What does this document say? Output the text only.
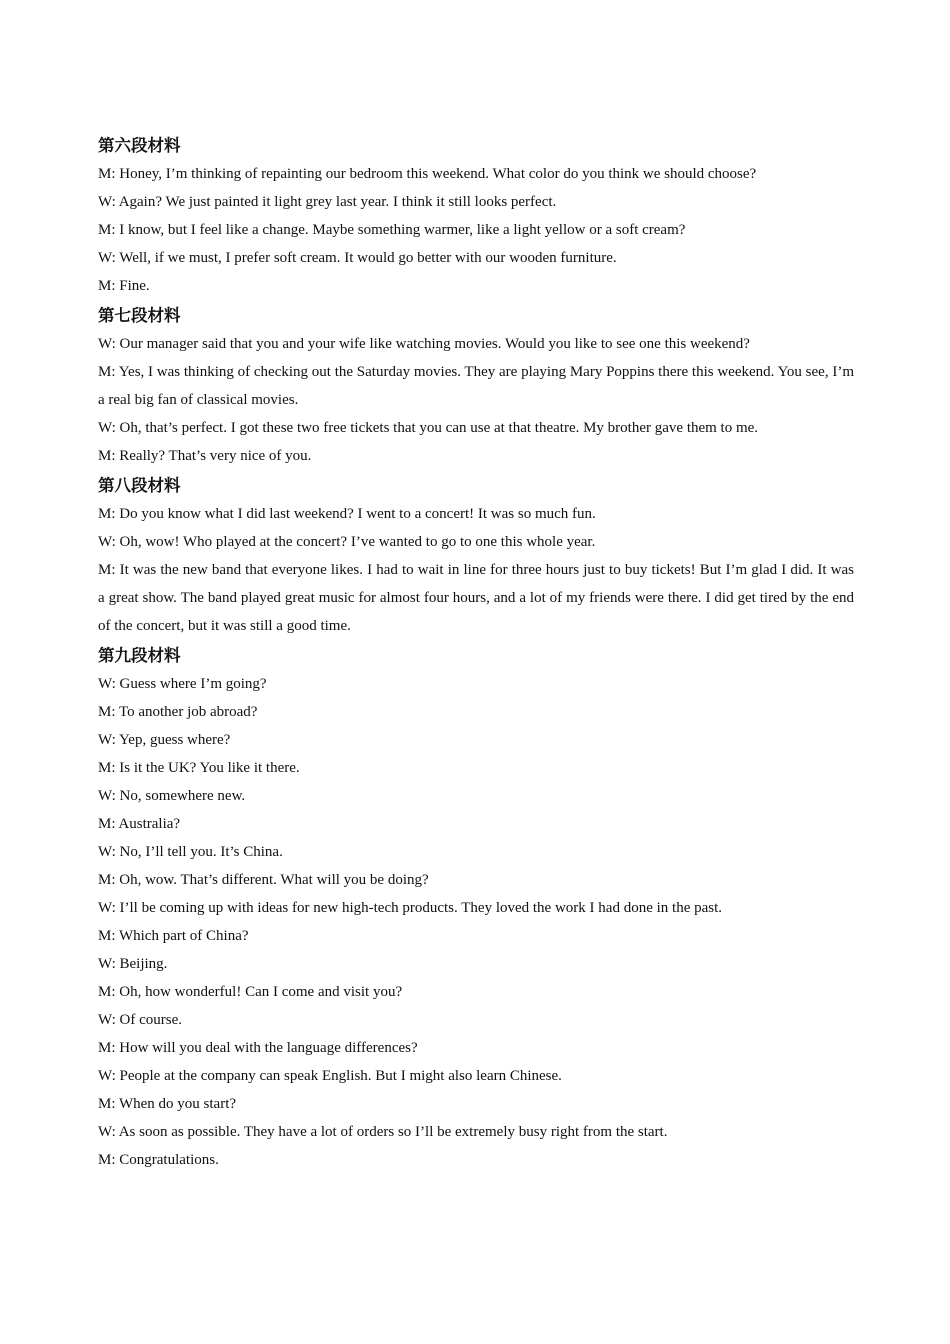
第六段材料

M: Honey, I’m thinking of repainting our bedroom this weekend. What color do you think we should choose?

W: Again? We just painted it light grey last year. I think it still looks perfect.

M: I know, but I feel like a change. Maybe something warmer, like a light yellow or a soft cream?

W: Well, if we must, I prefer soft cream. It would go better with our wooden furniture.

M: Fine.

第七段材料

W: Our manager said that you and your wife like watching movies. Would you like to see one this weekend?

M: Yes, I was thinking of checking out the Saturday movies. They are playing Mary Poppins there this weekend. You see, I’m a real big fan of classical movies.

W: Oh, that’s perfect. I got these two free tickets that you can use at that theatre. My brother gave them to me.

M: Really? That’s very nice of you.

第八段材料

M: Do you know what I did last weekend? I went to a concert! It was so much fun.

W: Oh, wow! Who played at the concert? I’ve wanted to go to one this whole year.

M: It was the new band that everyone likes. I had to wait in line for three hours just to buy tickets! But I’m glad I did. It was a great show. The band played great music for almost four hours, and a lot of my friends were there. I did get tired by the end of the concert, but it was still a good time.

第九段材料

W: Guess where I’m going?

M: To another job abroad?

W: Yep, guess where?

M: Is it the UK? You like it there.

W: No, somewhere new.

M: Australia?

W: No, I’ll tell you. It’s China.

M: Oh, wow. That’s different. What will you be doing?

W: I’ll be coming up with ideas for new high-tech products. They loved the work I had done in the past.

M: Which part of China?

W: Beijing.

M: Oh, how wonderful! Can I come and visit you?

W: Of course.

M: How will you deal with the language differences?

W: People at the company can speak English. But I might also learn Chinese.

M: When do you start?

W: As soon as possible. They have a lot of orders so I’ll be extremely busy right from the start.

M: Congratulations.
